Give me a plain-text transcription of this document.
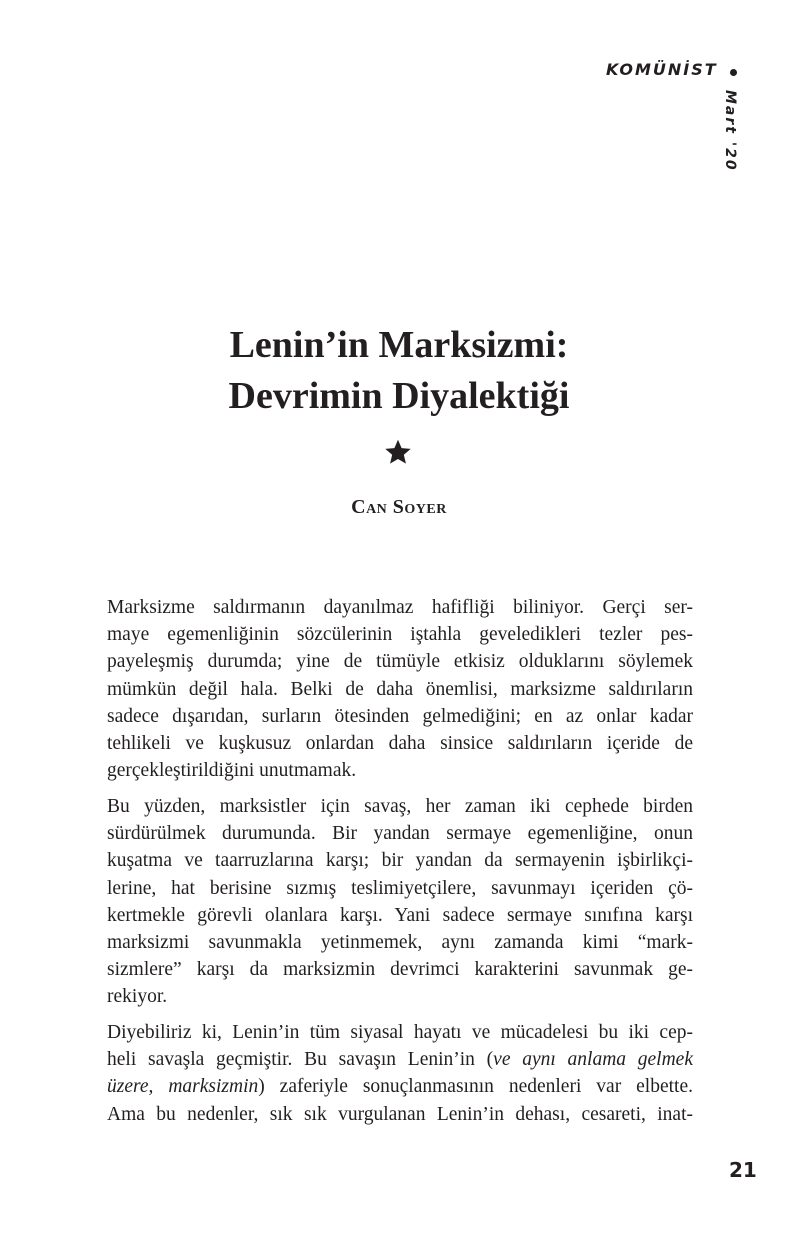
KOMÜNİST
Mart '20
Lenin’in Marksizmi:
Devrimin Diyalektiği
Can Soyer
Marksizme saldırmanın dayanılmaz hafifliği biliniyor. Gerçi ser-
maye egemenliğinin sözcülerinin iştahla geveledikleri tezler pes-
payeleşmiş durumda; yine de tümüyle etkisiz olduklarını söylemek
mümkün değil hala. Belki de daha önemlisi, marksizme saldırıların
sadece dışarıdan, surların ötesinden gelmediğini; en az onlar kadar
tehlikeli ve kuşkusuz onlardan daha sinsice saldırıların içeride de
gerçekleştirildiğini unutmamak.
Bu yüzden, marksistler için savaş, her zaman iki cephede birden
sürdürülmek durumunda. Bir yandan sermaye egemenliğine, onun
kuşatma ve taarruzlarına karşı; bir yandan da sermayenin işbirlikçi-
lerine, hat berisine sızmış teslimiyetçilere, savunmayı içeriden çö-
kertmekle görevli olanlara karşı. Yani sadece sermaye sınıfına karşı
marksizmi savunmakla yetinmemek, aynı zamanda kimi “mark-
sizmlere” karşı da marksizmin devrimci karakterini savunmak ge-
rekiyor.
Diyebiliriz ki, Lenin’in tüm siyasal hayatı ve mücadelesi bu iki cep-
heli savaşla geçmiştir. Bu savaşın Lenin’in (ve aynı anlama gelmek
üzere, marksizmin) zaferiyle sonuçlanmasının nedenleri var elbette.
Ama bu nedenler, sık sık vurgulanan Lenin’in dehası, cesareti, inat-
21
